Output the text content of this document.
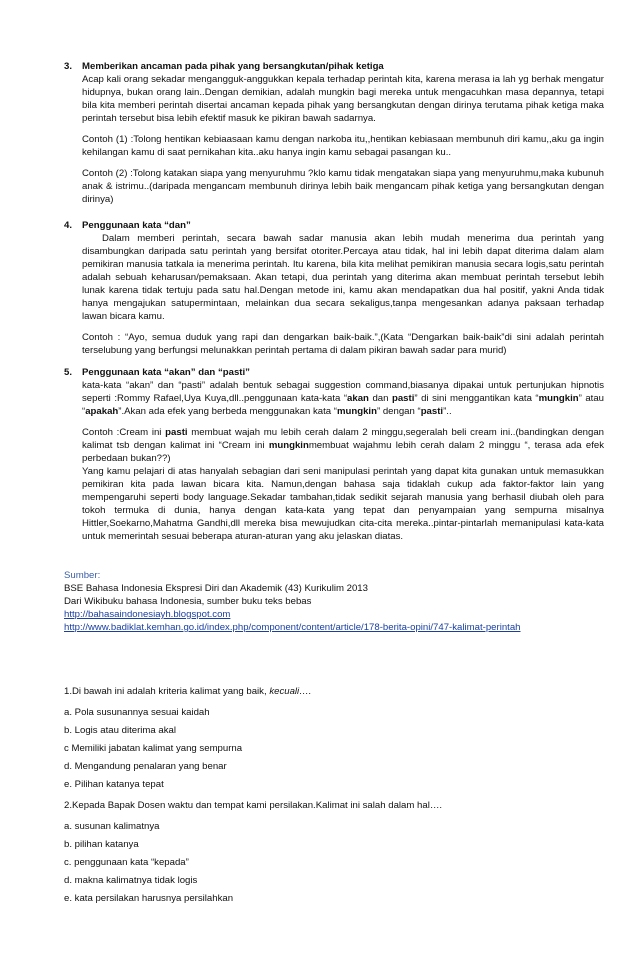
3. Memberikan ancaman pada pihak yang bersangkutan/pihak ketiga

Acap kali orang sekadar mengangguk-anggukkan kepala terhadap perintah kita, karena merasa ia lah yg berhak mengatur hidupnya, bukan orang lain..Dengan demikian, adalah mungkin bagi mereka untuk mengacuhkan masa depannya, tetapi bila kita memberi perintah disertai ancaman kepada pihak yang bersangkutan dengan dirinya terutama pihak ketiga maka perintah tersebut bisa lebih efektif masuk ke pikiran bawah sadarnya.

Contoh (1) :Tolong hentikan kebiaasaan kamu dengan narkoba itu,,hentikan kebiasaan membunuh diri kamu,,aku ga ingin kehilangan kamu di saat pernikahan kita..aku hanya ingin kamu sebagai pasangan ku..

Contoh (2) :Tolong katakan siapa yang menyuruhmu ?klo kamu tidak mengatakan siapa yang menyuruhmu,maka kubunuh anak & istrimu..(daripada mengancam membunuh dirinya lebih baik mengancam pihak ketiga yang bersangkutan dengan dirinya)

4. Penggunaan kata “dan”

Dalam memberi perintah, secara bawah sadar manusia akan lebih mudah menerima dua perintah yang disambungkan daripada satu perintah yang bersifat otoriter.Percaya atau tidak, hal ini lebih dapat diterima dalam alam pemikiran manusia tatkala ia menerima perintah. Itu karena, bila kita melihat pemikiran manusia secara logis,satu perintah adalah sebuah keharusan/pemaksaan. Akan tetapi, dua perintah yang diterima akan membuat perintah tersebut lebih lunak karena tidak tertuju pada satu hal.Dengan metode ini, kamu akan mendapatkan dua hal positif, yakni Anda tidak hanya mengajukan satupermintaan, melainkan dua secara sekaligus,tanpa mengesankan adanya paksaan terhadap lawan bicara kamu.

Contoh : “Ayo, semua duduk yang rapi dan dengarkan baik-baik.”,(Kata “Dengarkan baik-baik”di sini adalah perintah terselubung yang berfungsi melunakkan perintah pertama di dalam pikiran bawah sadar para murid)

5. Penggunaan kata “akan” dan “pasti”

kata-kata “akan” dan “pasti” adalah bentuk sebagai suggestion command,biasanya dipakai untuk pertunjukan hipnotis seperti :Rommy Rafael,Uya Kuya,dll..penggunaan kata-kata “akan dan pasti” di sini menggantikan kata “mungkin” atau “apakah”.Akan ada efek yang berbeda menggunakan kata “mungkin” dengan “pasti”..

Contoh :Cream ini pasti membuat wajah mu lebih cerah dalam 2 minggu,segeralah beli cream ini..(bandingkan dengan kalimat tsb dengan kalimat ini “Cream ini mungkinmembuat wajahmu lebih cerah dalam 2 minggu “, terasa ada efek perbedaan bukan??)

Yang kamu pelajari di atas hanyalah sebagian dari seni manipulasi perintah yang dapat kita gunakan untuk memasukkan pemikiran kita pada lawan bicara kita. Namun,dengan bahasa saja tidaklah cukup ada faktor-faktor lain yang mempengaruhi seperti body language.Sekadar tambahan,tidak sedikit sejarah manusia yang berhasil diubah oleh para tokoh termuka di dunia, hanya dengan kata-kata yang tepat dan penyampaian yang sempurna misalnya Hittler,Soekarno,Mahatma Gandhi,dll mereka bisa mewujudkan cita-cita mereka..pintar-pintarlah memanipulasi kata-kata untuk memerintah sesuai beberapa aturan-aturan yang aku jelaskan diatas.

Sumber:
BSE Bahasa Indonesia Ekspresi Diri dan Akademik (43) Kurikulim 2013
Dari Wikibuku bahasa Indonesia, sumber buku teks bebas
http://bahasaindonesiayh.blogspot.com
http://www.badiklat.kemhan.go.id/index.php/component/content/article/178-berita-opini/747-kalimat-perintah
1.Di bawah ini adalah kriteria kalimat yang baik, kecuali….
a. Pola susunannya sesuai kaidah
b. Logis atau diterima akal
c Memiliki jabatan kalimat yang sempurna
d. Mengandung penalaran yang benar
e. Pilihan katanya tepat
2.Kepada Bapak Dosen waktu dan tempat kami persilakan.Kalimat ini salah dalam hal….
a. susunan kalimatnya
b. pilihan katanya
c. penggunaan kata “kepada”
d. makna kalimatnya tidak logis
e. kata persilakan harusnya persilahkan
